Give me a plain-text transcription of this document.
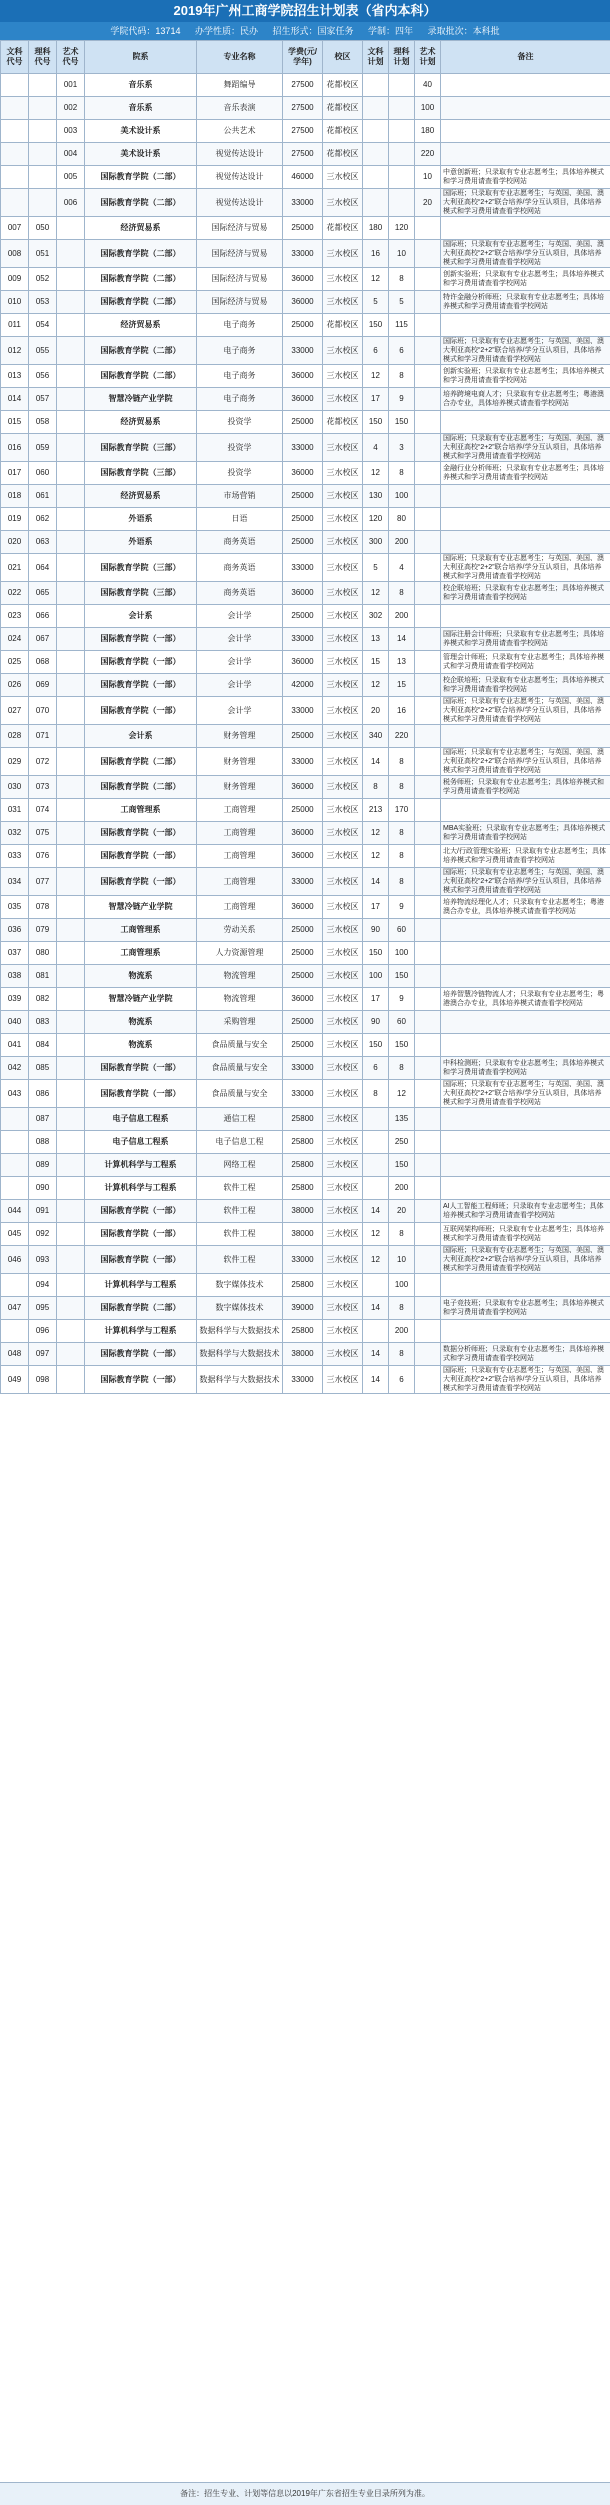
2019年广州工商学院招生计划表（省内本科）
学院代码：13714 办学性质：民办 招生形式：国家任务 学制：四年 录取批次：本科批
文科代号	理科代号	艺术代号	院系	专业名称	学费(元/学年)	校区	文科计划	理科计划	艺术计划	备注
		001	音乐系	舞蹈编导	27500	花都校区			40	
		002	音乐系	音乐表演	27500	花都校区			100	
		003	美术设计系	公共艺术	27500	花都校区			180	
		004	美术设计系	视觉传达设计	27500	花都校区			220	
		005	国际教育学院（二部）	视觉传达设计	46000	三水校区			10	中意创新班；只录取有专业志愿考生；具体培养模式和学习费用请查看学校网站
		006	国际教育学院（二部）	视觉传达设计	33000	三水校区			20	国际班；只录取有专业志愿考生；与英国、美国、澳大利亚高校“2+2”联合培养/学分互认项目，具体培养模式和学习费用请查看学校网站
007	050		经济贸易系	国际经济与贸易	25000	花都校区	180	120		
008	051		国际教育学院（二部）	国际经济与贸易	33000	三水校区	16	10		国际班；只录取有专业志愿考生；与英国、美国、澳大利亚高校“2+2”联合培养/学分互认项目，具体培养模式和学习费用请查看学校网站
009	052		国际教育学院（二部）	国际经济与贸易	36000	三水校区	12	8		创新实验班；只录取有专业志愿考生；具体培养模式和学习费用请查看学校网站
010	053		国际教育学院（二部）	国际经济与贸易	36000	三水校区	5	5		特许金融分析师班；只录取有专业志愿考生；具体培养模式和学习费用请查看学校网站
011	054		经济贸易系	电子商务	25000	花都校区	150	115		
012	055		国际教育学院（二部）	电子商务	33000	三水校区	6	6		国际班；只录取有专业志愿考生；与英国、美国、澳大利亚高校“2+2”联合培养/学分互认项目，具体培养模式和学习费用请查看学校网站
013	056		国际教育学院（二部）	电子商务	36000	三水校区	12	8		创新实验班；只录取有专业志愿考生；具体培养模式和学习费用请查看学校网站
014	057		智慧冷链产业学院	电子商务	36000	三水校区	17	9		培养跨境电商人才；只录取有专业志愿考生；粤港澳合办专业，具体培养模式请查看学校网站
015	058		经济贸易系	投资学	25000	花都校区	150	150		
016	059		国际教育学院（三部）	投资学	33000	三水校区	4	3		国际班；只录取有专业志愿考生；与英国、美国、澳大利亚高校“2+2”联合培养/学分互认项目，具体培养模式和学习费用请查看学校网站
017	060		国际教育学院（三部）	投资学	36000	三水校区	12	8		金融行业分析师班；只录取有专业志愿考生；具体培养模式和学习费用请查看学校网站
018	061		经济贸易系	市场营销	25000	三水校区	130	100		
019	062		外语系	日语	25000	三水校区	120	80		
020	063		外语系	商务英语	25000	三水校区	300	200		
021	064		国际教育学院（三部）	商务英语	33000	三水校区	5	4		国际班；只录取有专业志愿考生；与英国、美国、澳大利亚高校“2+2”联合培养/学分互认项目，具体培养模式和学习费用请查看学校网站
022	065		国际教育学院（三部）	商务英语	36000	三水校区	12	8		校企联培班；只录取有专业志愿考生；具体培养模式和学习费用请查看学校网站
023	066		会计系	会计学	25000	三水校区	302	200		
024	067		国际教育学院（一部）	会计学	33000	三水校区	13	14		国际注册会计师班；只录取有专业志愿考生；具体培养模式和学习费用请查看学校网站
025	068		国际教育学院（一部）	会计学	36000	三水校区	15	13		管理会计师班；只录取有专业志愿考生；具体培养模式和学习费用请查看学校网站
026	069		国际教育学院（一部）	会计学	42000	三水校区	12	15		校企联培班；只录取有专业志愿考生；具体培养模式和学习费用请查看学校网站
027	070		国际教育学院（一部）	会计学	33000	三水校区	20	16		国际班；只录取有专业志愿考生；与英国、美国、澳大利亚高校“2+2”联合培养/学分互认项目，具体培养模式和学习费用请查看学校网站
028	071		会计系	财务管理	25000	三水校区	340	220		
029	072		国际教育学院（二部）	财务管理	33000	三水校区	14	8		国际班；只录取有专业志愿考生；与英国、美国、澳大利亚高校“2+2”联合培养/学分互认项目，具体培养模式和学习费用请查看学校网站
030	073		国际教育学院（二部）	财务管理	36000	三水校区	8	8		税务师班；只录取有专业志愿考生；具体培养模式和学习费用请查看学校网站
031	074		工商管理系	工商管理	25000	三水校区	213	170		
032	075		国际教育学院（一部）	工商管理	36000	三水校区	12	8		MBA实验班；只录取有专业志愿考生；具体培养模式和学习费用请查看学校网站
033	076		国际教育学院（一部）	工商管理	36000	三水校区	12	8		北大/行政管理实验班；只录取有专业志愿考生；具体培养模式和学习费用请查看学校网站
034	077		国际教育学院（一部）	工商管理	33000	三水校区	14	8		国际班；只录取有专业志愿考生；与英国、美国、澳大利亚高校“2+2”联合培养/学分互认项目，具体培养模式和学习费用请查看学校网站
035	078		智慧冷链产业学院	工商管理	36000	三水校区	17	9		培养物流经理化人才；只录取有专业志愿考生；粤港澳合办专业，具体培养模式请查看学校网站
036	079		工商管理系	劳动关系	25000	三水校区	90	60		
037	080		工商管理系	人力资源管理	25000	三水校区	150	100		
038	081		物流系	物流管理	25000	三水校区	100	150		
039	082		智慧冷链产业学院	物流管理	36000	三水校区	17	9		培养智慧冷链物流人才；只录取有专业志愿考生；粤港澳合办专业，具体培养模式请查看学校网站
040	083		物流系	采购管理	25000	三水校区	90	60		
041	084		物流系	食品质量与安全	25000	三水校区	150	150		
042	085		国际教育学院（一部）	食品质量与安全	33000	三水校区	6	8		中科检测班；只录取有专业志愿考生；具体培养模式和学习费用请查看学校网站
043	086		国际教育学院（一部）	食品质量与安全	33000	三水校区	8	12		国际班；只录取有专业志愿考生；与英国、美国、澳大利亚高校“2+2”联合培养/学分互认项目，具体培养模式和学习费用请查看学校网站
	087		电子信息工程系	通信工程	25800	三水校区		135		
	088		电子信息工程系	电子信息工程	25800	三水校区		250		
	089		计算机科学与工程系	网络工程	25800	三水校区		150		
	090		计算机科学与工程系	软件工程	25800	三水校区		200		
044	091		国际教育学院（一部）	软件工程	38000	三水校区	14	20		AI人工智能工程师班；只录取有专业志愿考生；具体培养模式和学习费用请查看学校网站
045	092		国际教育学院（一部）	软件工程	38000	三水校区	12	8		互联网架构师班；只录取有专业志愿考生；具体培养模式和学习费用请查看学校网站
046	093		国际教育学院（一部）	软件工程	33000	三水校区	12	10		国际班；只录取有专业志愿考生；与英国、美国、澳大利亚高校“2+2”联合培养/学分互认项目，具体培养模式和学习费用请查看学校网站
	094		计算机科学与工程系	数字媒体技术	25800	三水校区		100		
047	095		国际教育学院（二部）	数字媒体技术	39000	三水校区	14	8		电子竞技班；只录取有专业志愿考生；具体培养模式和学习费用请查看学校网站
	096		计算机科学与工程系	数据科学与大数据技术	25800	三水校区		200		
048	097		国际教育学院（一部）	数据科学与大数据技术	38000	三水校区	14	8		数据分析师班；只录取有专业志愿考生；具体培养模式和学习费用请查看学校网站
049	098		国际教育学院（一部）	数据科学与大数据技术	33000	三水校区	14	6		国际班；只录取有专业志愿考生；与英国、美国、澳大利亚高校“2+2”联合培养/学分互认项目，具体培养模式和学习费用请查看学校网站
备注：招生专业、计划等信息以2019年广东省招生专业目录所列为准。
